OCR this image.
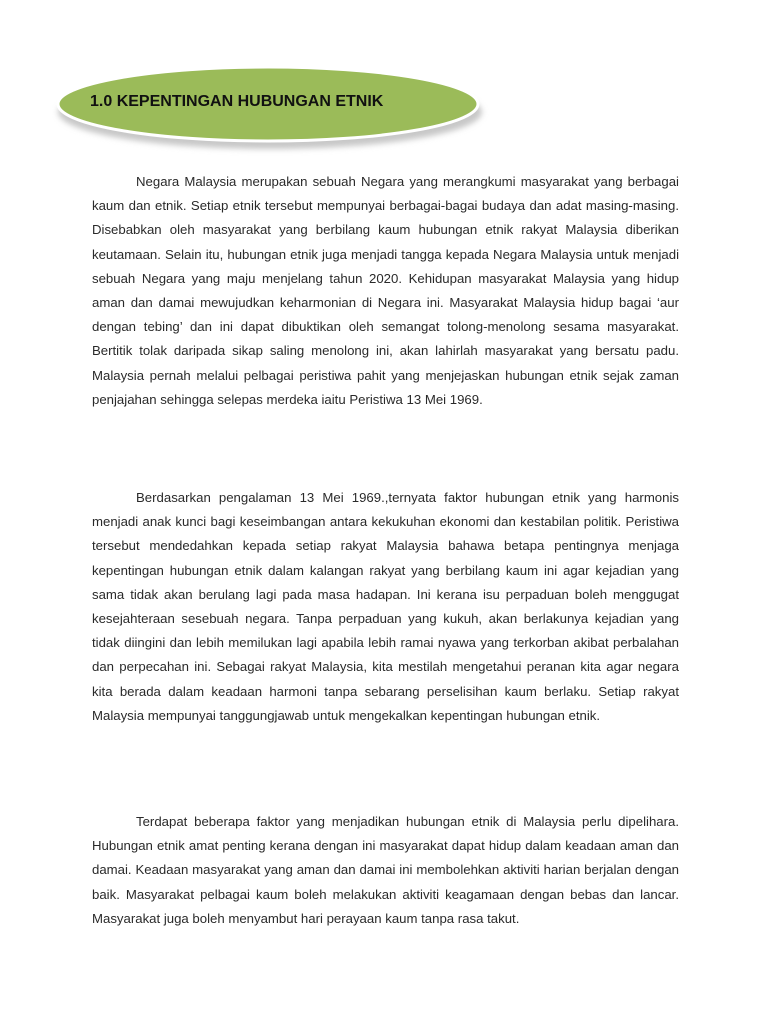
1.0 KEPENTINGAN HUBUNGAN ETNIK

Negara Malaysia merupakan sebuah Negara yang merangkumi masyarakat yang berbagai kaum dan etnik. Setiap etnik tersebut mempunyai berbagai-bagai budaya dan adat masing-masing. Disebabkan oleh masyarakat yang berbilang kaum hubungan etnik rakyat Malaysia diberikan keutamaan. Selain itu, hubungan etnik juga menjadi tangga kepada Negara Malaysia untuk menjadi sebuah Negara yang maju menjelang tahun 2020. Kehidupan masyarakat Malaysia yang hidup aman dan damai mewujudkan keharmonian di Negara ini. Masyarakat Malaysia hidup bagai ‘aur dengan tebing’ dan ini dapat dibuktikan oleh semangat tolong-menolong sesama masyarakat. Bertitik tolak daripada sikap saling menolong ini, akan lahirlah masyarakat yang bersatu padu. Malaysia pernah melalui pelbagai peristiwa pahit yang menjejaskan hubungan etnik sejak zaman penjajahan sehingga selepas merdeka iaitu Peristiwa 13 Mei 1969.

Berdasarkan pengalaman 13 Mei 1969.,ternyata faktor hubungan etnik yang harmonis menjadi anak kunci bagi keseimbangan antara kekukuhan ekonomi dan kestabilan politik. Peristiwa tersebut mendedahkan kepada setiap rakyat Malaysia bahawa betapa pentingnya menjaga kepentingan hubungan etnik dalam kalangan rakyat yang berbilang kaum ini agar kejadian yang sama tidak akan berulang lagi pada masa hadapan. Ini kerana isu perpaduan boleh menggugat kesejahteraan sesebuah negara. Tanpa perpaduan yang kukuh, akan berlakunya kejadian yang tidak diingini dan lebih memilukan lagi apabila lebih ramai nyawa yang terkorban akibat perbalahan dan perpecahan ini. Sebagai rakyat Malaysia, kita mestilah mengetahui peranan kita agar negara kita berada dalam keadaan harmoni tanpa sebarang perselisihan kaum berlaku. Setiap rakyat Malaysia mempunyai tanggungjawab untuk mengekalkan kepentingan hubungan etnik.

Terdapat beberapa faktor yang menjadikan hubungan etnik di Malaysia perlu dipelihara. Hubungan etnik amat penting kerana dengan ini masyarakat dapat hidup dalam keadaan aman dan damai. Keadaan masyarakat yang aman dan damai ini membolehkan aktiviti harian berjalan dengan baik. Masyarakat pelbagai kaum boleh melakukan aktiviti keagamaan dengan bebas dan lancar. Masyarakat juga boleh menyambut hari perayaan kaum tanpa rasa takut.
